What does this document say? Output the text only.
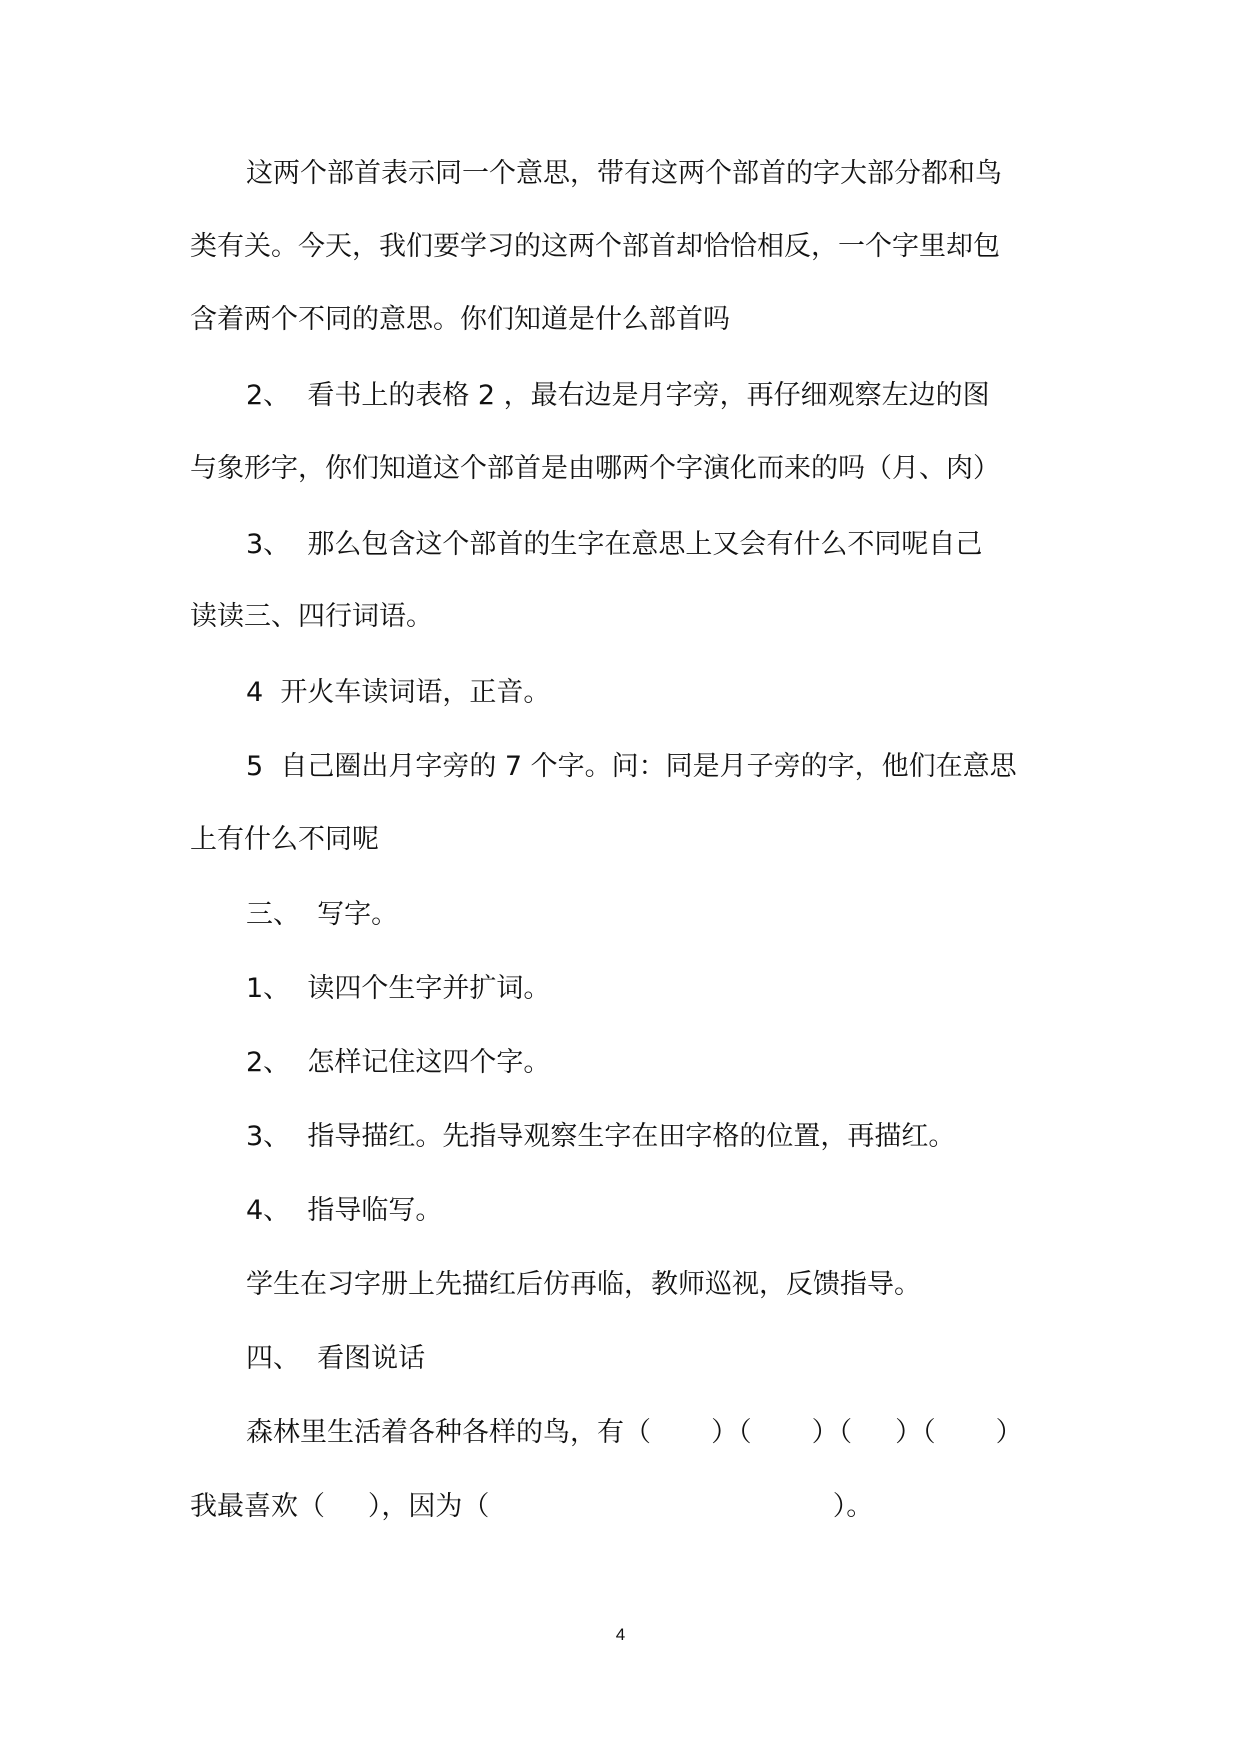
这两个部首表示同一个意思，带有这两个部首的字大部分都和鸟
类有关。今天，我们要学习的这两个部首却恰恰相反，一个字里却包
含着两个不同的意思。你们知道是什么部首吗
2、  看书上的表格 2 ，最右边是月字旁，再仔细观察左边的图
与象形字，你们知道这个部首是由哪两个字演化而来的吗（月、肉）
3、  那么包含这个部首的生字在意思上又会有什么不同呢自己
读读三、四行词语。
4  开火车读词语，正音。
5  自己圈出月字旁的 7 个字。问：同是月子旁的字，他们在意思
上有什么不同呢
三、  写字。
1、  读四个生字并扩词。
2、  怎样记住这四个字。
3、  指导描红。先指导观察生字在田字格的位置，再描红。
4、  指导临写。
学生在习字册上先描红后仿再临，教师巡视，反馈指导。
四、  看图说话
森林里生活着各种各样的鸟，有（       ）（       ）（     ）（       ）
我最喜欢（     ），因为（                                        ）。
4
